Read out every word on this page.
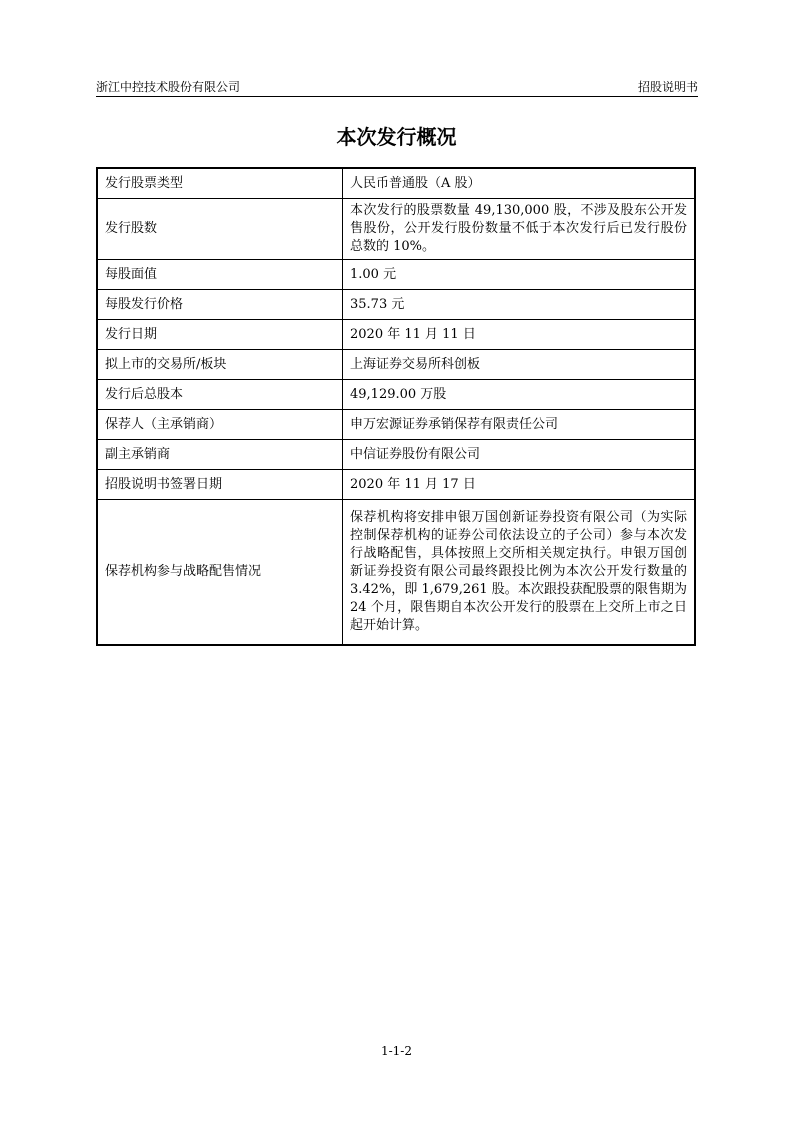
浙江中控技术股份有限公司	招股说明书
本次发行概况
发行股票类型	人民币普通股（A 股）
发行股数	本次发行的股票数量 49,130,000 股，不涉及股东公开发售股份，公开发行股份数量不低于本次发行后已发行股份总数的 10%。
每股面值	1.00 元
每股发行价格	35.73 元
发行日期	2020 年 11 月 11 日
拟上市的交易所/板块	上海证券交易所科创板
发行后总股本	49,129.00 万股
保荐人（主承销商）	申万宏源证券承销保荐有限责任公司
副主承销商	中信证券股份有限公司
招股说明书签署日期	2020 年 11 月 17 日
保荐机构参与战略配售情况	保荐机构将安排申银万国创新证券投资有限公司（为实际控制保荐机构的证券公司依法设立的子公司）参与本次发行战略配售，具体按照上交所相关规定执行。申银万国创新证券投资有限公司最终跟投比例为本次公开发行数量的 3.42%，即 1,679,261 股。本次跟投获配股票的限售期为 24 个月，限售期自本次公开发行的股票在上交所上市之日起开始计算。
1-1-2
